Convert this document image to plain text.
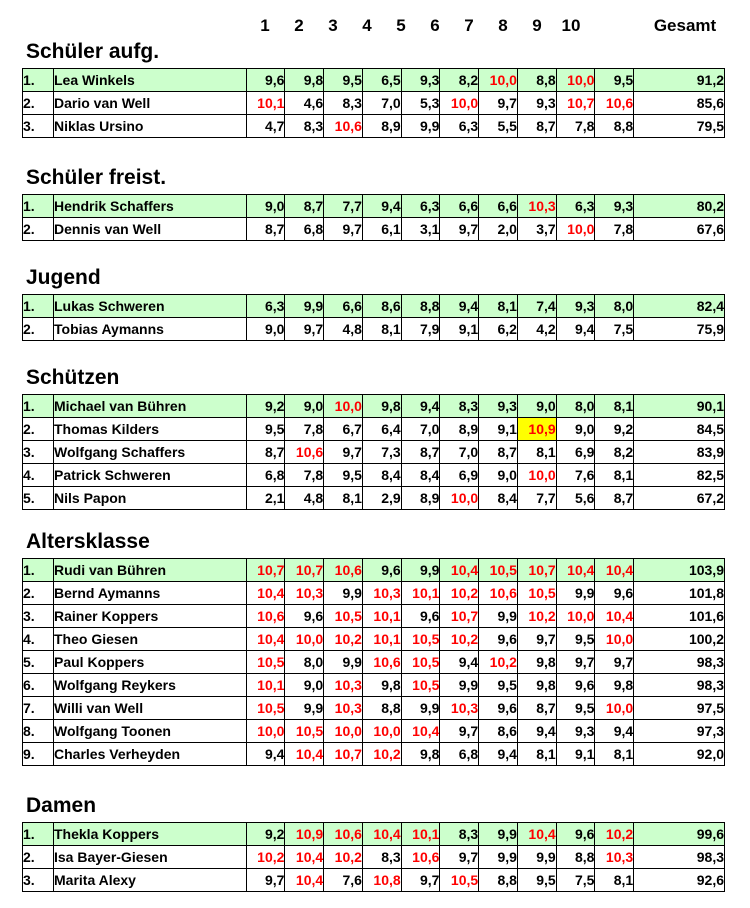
1	2	3	4	5	6	7	8	9	10	Gesamt
Schüler aufg.
1.	Lea Winkels	9,6	9,8	9,5	6,5	9,3	8,2	10,0	8,8	10,0	9,5	91,2
2.	Dario van Well	10,1	4,6	8,3	7,0	5,3	10,0	9,7	9,3	10,7	10,6	85,6
3.	Niklas Ursino	4,7	8,3	10,6	8,9	9,9	6,3	5,5	8,7	7,8	8,8	79,5
Schüler freist.
1.	Hendrik Schaffers	9,0	8,7	7,7	9,4	6,3	6,6	6,6	10,3	6,3	9,3	80,2
2.	Dennis van Well	8,7	6,8	9,7	6,1	3,1	9,7	2,0	3,7	10,0	7,8	67,6
Jugend
1.	Lukas Schweren	6,3	9,9	6,6	8,6	8,8	9,4	8,1	7,4	9,3	8,0	82,4
2.	Tobias Aymanns	9,0	9,7	4,8	8,1	7,9	9,1	6,2	4,2	9,4	7,5	75,9
Schützen
1.	Michael van Bühren	9,2	9,0	10,0	9,8	9,4	8,3	9,3	9,0	8,0	8,1	90,1
2.	Thomas Kilders	9,5	7,8	6,7	6,4	7,0	8,9	9,1	10,9	9,0	9,2	84,5
3.	Wolfgang Schaffers	8,7	10,6	9,7	7,3	8,7	7,0	8,7	8,1	6,9	8,2	83,9
4.	Patrick Schweren	6,8	7,8	9,5	8,4	8,4	6,9	9,0	10,0	7,6	8,1	82,5
5.	Nils Papon	2,1	4,8	8,1	2,9	8,9	10,0	8,4	7,7	5,6	8,7	67,2
Altersklasse
1.	Rudi van Bühren	10,7	10,7	10,6	9,6	9,9	10,4	10,5	10,7	10,4	10,4	103,9
2.	Bernd Aymanns	10,4	10,3	9,9	10,3	10,1	10,2	10,6	10,5	9,9	9,6	101,8
3.	Rainer Koppers	10,6	9,6	10,5	10,1	9,6	10,7	9,9	10,2	10,0	10,4	101,6
4.	Theo Giesen	10,4	10,0	10,2	10,1	10,5	10,2	9,6	9,7	9,5	10,0	100,2
5.	Paul Koppers	10,5	8,0	9,9	10,6	10,5	9,4	10,2	9,8	9,7	9,7	98,3
6.	Wolfgang Reykers	10,1	9,0	10,3	9,8	10,5	9,9	9,5	9,8	9,6	9,8	98,3
7.	Willi van Well	10,5	9,9	10,3	8,8	9,9	10,3	9,6	8,7	9,5	10,0	97,5
8.	Wolfgang Toonen	10,0	10,5	10,0	10,0	10,4	9,7	8,6	9,4	9,3	9,4	97,3
9.	Charles Verheyden	9,4	10,4	10,7	10,2	9,8	6,8	9,4	8,1	9,1	8,1	92,0
Damen
1.	Thekla Koppers	9,2	10,9	10,6	10,4	10,1	8,3	9,9	10,4	9,6	10,2	99,6
2.	Isa Bayer-Giesen	10,2	10,4	10,2	8,3	10,6	9,7	9,9	9,9	8,8	10,3	98,3
3.	Marita Alexy	9,7	10,4	7,6	10,8	9,7	10,5	8,8	9,5	7,5	8,1	92,6
